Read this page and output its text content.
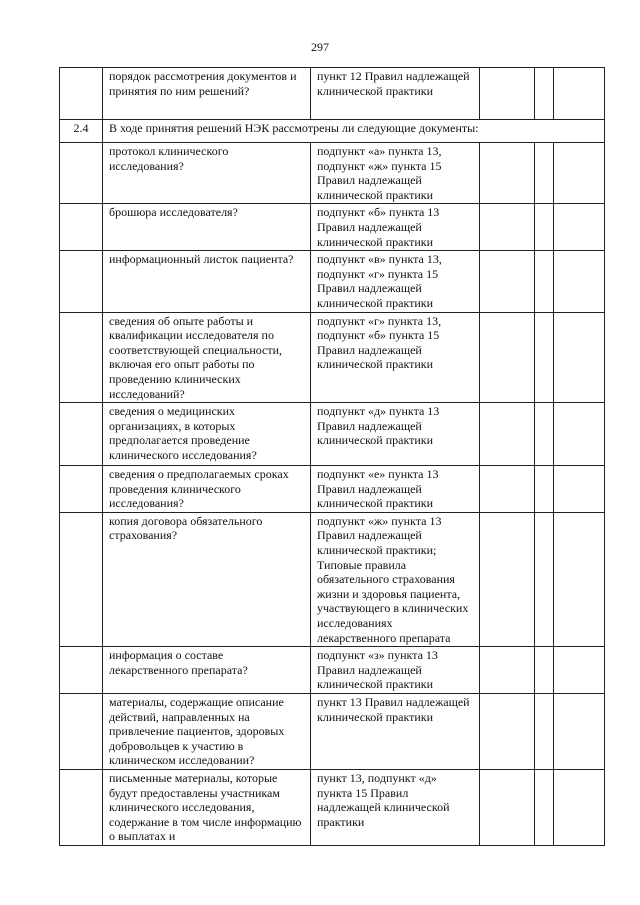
297
	порядок рассмотрения документов и принятия по ним решений?	пункт 12 Правил надлежащей клинической практики			
2.4	В ходе принятия решений НЭК рассмотрены ли следующие документы:				
	протокол клинического исследования?	подпункт «а» пункта 13, подпункт «ж» пункта 15 Правил надлежащей клинической практики			
	брошюра исследователя?	подпункт «б» пункта 13 Правил надлежащей клинической практики			
	информационный листок пациента?	подпункт «в» пункта 13, подпункт «г» пункта 15 Правил надлежащей клинической практики			
	сведения об опыте работы и квалификации исследователя по соответствующей специальности, включая его опыт работы по проведению клинических исследований?	подпункт «г» пункта 13, подпункт «б» пункта 15 Правил надлежащей клинической практики			
	сведения о медицинских организациях, в которых предполагается проведение клинического исследования?	подпункт «д» пункта 13 Правил надлежащей клинической практики			
	сведения о предполагаемых сроках проведения клинического исследования?	подпункт «е» пункта 13 Правил надлежащей клинической практики			
	копия договора обязательного страхования?	подпункт «ж» пункта 13 Правил надлежащей клинической практики; Типовые правила обязательного страхования жизни и здоровья пациента, участвующего в клинических исследованиях лекарственного препарата			
	информация о составе лекарственного препарата?	подпункт «з» пункта 13 Правил надлежащей клинической практики			
	материалы, содержащие описание действий, направленных на привлечение пациентов, здоровых добровольцев к участию в клиническом исследовании?	пункт 13 Правил надлежащей клинической практики			
	письменные материалы, которые будут предоставлены участникам клинического исследования, содержание в том числе информацию о выплатах и	пункт 13, подпункт «д» пункта 15 Правил надлежащей клинической практики			
